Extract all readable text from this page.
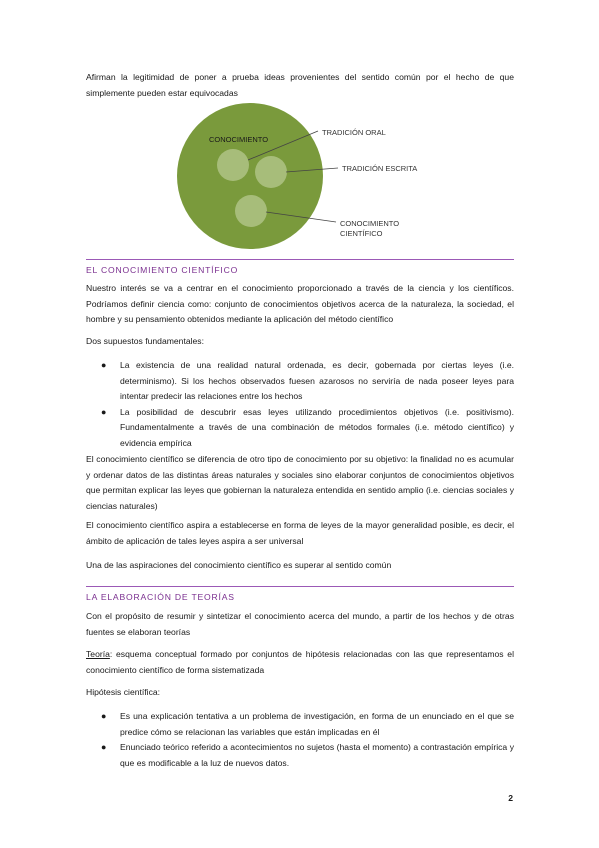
Afirman la legitimidad de poner a prueba ideas provenientes del sentido común por el hecho de que simplemente pueden estar equivocadas

CONOCIMIENTO
TRADICIÓN ORAL
TRADICIÓN ESCRITA
CONOCIMIENTO
CIENTÍFICO

EL CONOCIMIENTO CIENTÍFICO

Nuestro interés se va a centrar en el conocimiento proporcionado a través de la ciencia y los científicos. Podríamos definir ciencia como: conjunto de conocimientos objetivos acerca de la naturaleza, la sociedad, el hombre y su pensamiento obtenidos mediante la aplicación del método científico

Dos supuestos fundamentales:

● La existencia de una realidad natural ordenada, es decir, gobernada por ciertas leyes (i.e. determinismo). Si los hechos observados fuesen azarosos no serviría de nada poseer leyes para intentar predecir las relaciones entre los hechos
● La posibilidad de descubrir esas leyes utilizando procedimientos objetivos (i.e. positivismo). Fundamentalmente a través de una combinación de métodos formales (i.e. método científico) y evidencia empírica

El conocimiento científico se diferencia de otro tipo de conocimiento por su objetivo: la finalidad no es acumular y ordenar datos de las distintas áreas naturales y sociales sino elaborar conjuntos de conocimientos objetivos que permitan explicar las leyes que gobiernan la naturaleza entendida en sentido amplio (i.e. ciencias sociales y ciencias naturales)

El conocimiento científico aspira a establecerse en forma de leyes de la mayor generalidad posible, es decir, el ámbito de aplicación de tales leyes aspira a ser universal

Una de las aspiraciones del conocimiento científico es superar al sentido común

LA ELABORACIÓN DE TEORÍAS

Con el propósito de resumir y sintetizar el conocimiento acerca del mundo, a partir de los hechos y de otras fuentes se elaboran teorías

Teoría: esquema conceptual formado por conjuntos de hipótesis relacionadas con las que representamos el conocimiento científico de forma sistematizada

Hipótesis científica:

● Es una explicación tentativa a un problema de investigación, en forma de un enunciado en el que se predice cómo se relacionan las variables que están implicadas en él
● Enunciado teórico referido a acontecimientos no sujetos (hasta el momento) a contrastación empírica y que es modificable a la luz de nuevos datos.
2
